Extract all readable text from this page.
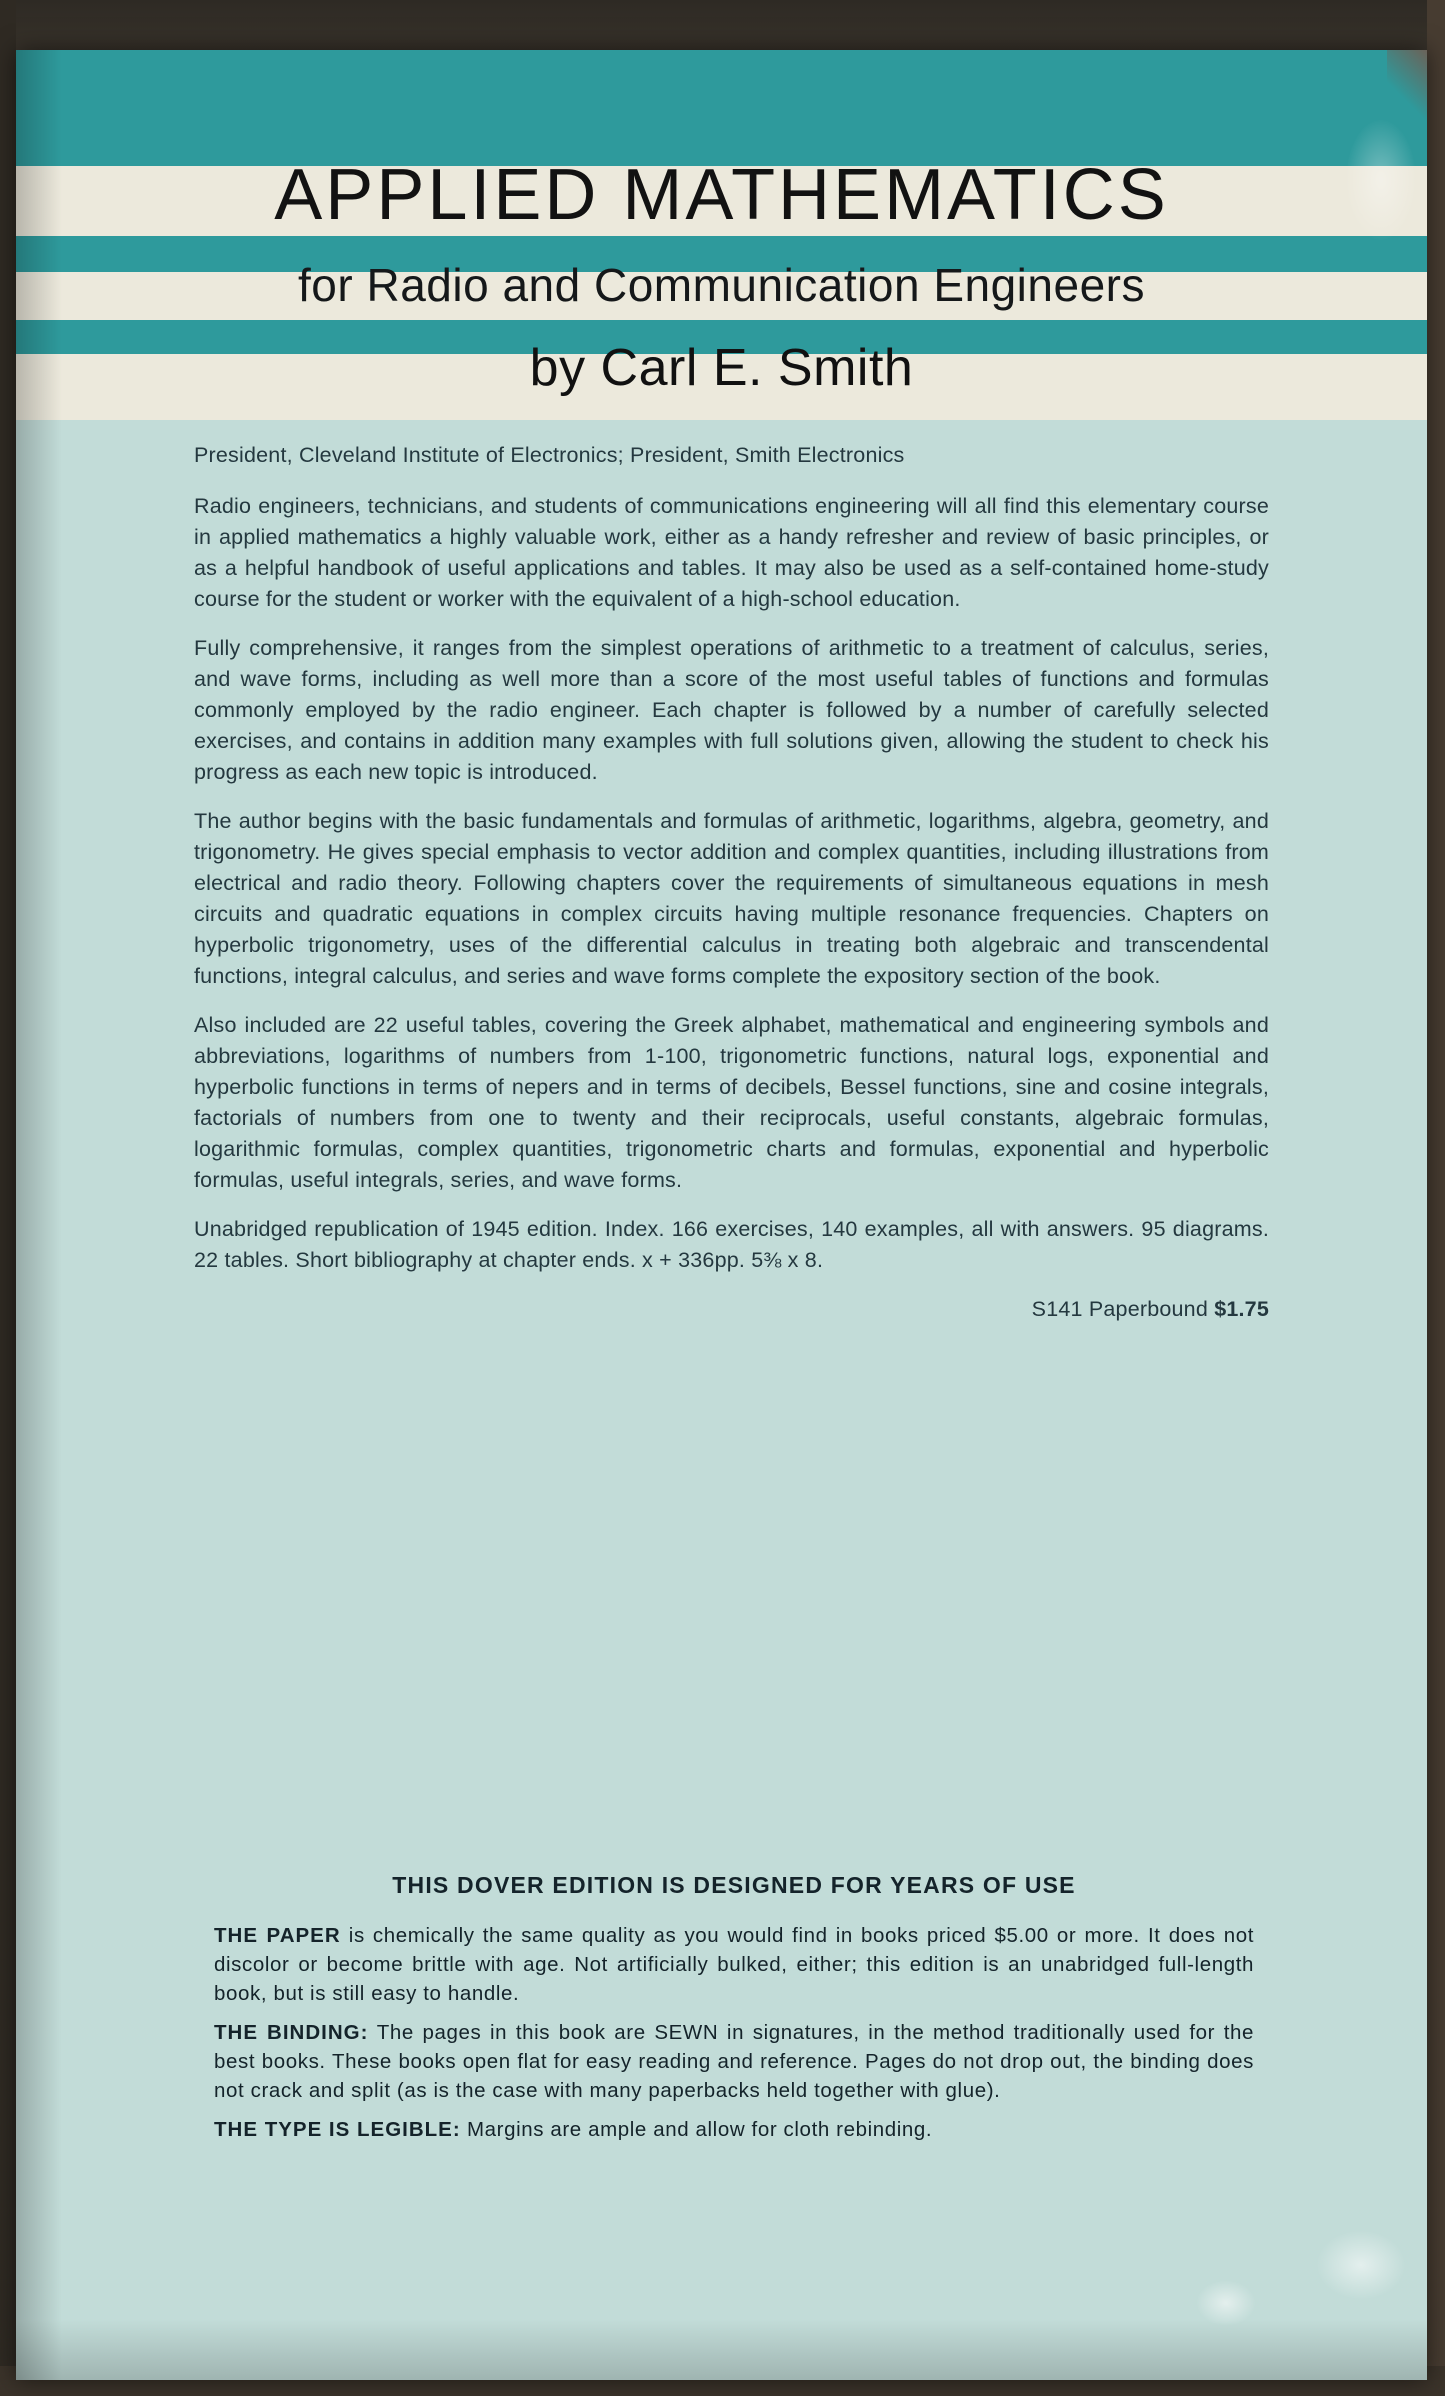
APPLIED MATHEMATICS
for Radio and Communication Engineers
by Carl E. Smith

President, Cleveland Institute of Electronics; President, Smith Electronics

Radio engineers, technicians, and students of communications engineering will all find this elementary course in applied mathematics a highly valuable work, either as a handy refresher and review of basic principles, or as a helpful handbook of useful applications and tables. It may also be used as a self-contained home-study course for the student or worker with the equivalent of a high-school education.

Fully comprehensive, it ranges from the simplest operations of arithmetic to a treatment of calculus, series, and wave forms, including as well more than a score of the most useful tables of functions and formulas commonly employed by the radio engineer. Each chapter is followed by a number of carefully selected exercises, and contains in addition many examples with full solutions given, allowing the student to check his progress as each new topic is introduced.

The author begins with the basic fundamentals and formulas of arithmetic, logarithms, algebra, geometry, and trigonometry. He gives special emphasis to vector addition and complex quantities, including illustrations from electrical and radio theory. Following chapters cover the requirements of simultaneous equations in mesh circuits and quadratic equations in complex circuits having multiple resonance frequencies. Chapters on hyperbolic trigonometry, uses of the differential calculus in treating both algebraic and transcendental functions, integral calculus, and series and wave forms complete the expository section of the book.

Also included are 22 useful tables, covering the Greek alphabet, mathematical and engineering symbols and abbreviations, logarithms of numbers from 1-100, trigonometric functions, natural logs, exponential and hyperbolic functions in terms of nepers and in terms of decibels, Bessel functions, sine and cosine integrals, factorials of numbers from one to twenty and their reciprocals, useful constants, algebraic formulas, logarithmic formulas, complex quantities, trigonometric charts and formulas, exponential and hyperbolic formulas, useful integrals, series, and wave forms.

Unabridged republication of 1945 edition. Index. 166 exercises, 140 examples, all with answers. 95 diagrams. 22 tables. Short bibliography at chapter ends. x + 336pp. 5⅜ x 8.

S141 Paperbound $1.75

THIS DOVER EDITION IS DESIGNED FOR YEARS OF USE

THE PAPER is chemically the same quality as you would find in books priced $5.00 or more. It does not discolor or become brittle with age. Not artificially bulked, either; this edition is an unabridged full-length book, but is still easy to handle.

THE BINDING: The pages in this book are SEWN in signatures, in the method traditionally used for the best books. These books open flat for easy reading and reference. Pages do not drop out, the binding does not crack and split (as is the case with many paperbacks held together with glue).

THE TYPE IS LEGIBLE: Margins are ample and allow for cloth rebinding.
